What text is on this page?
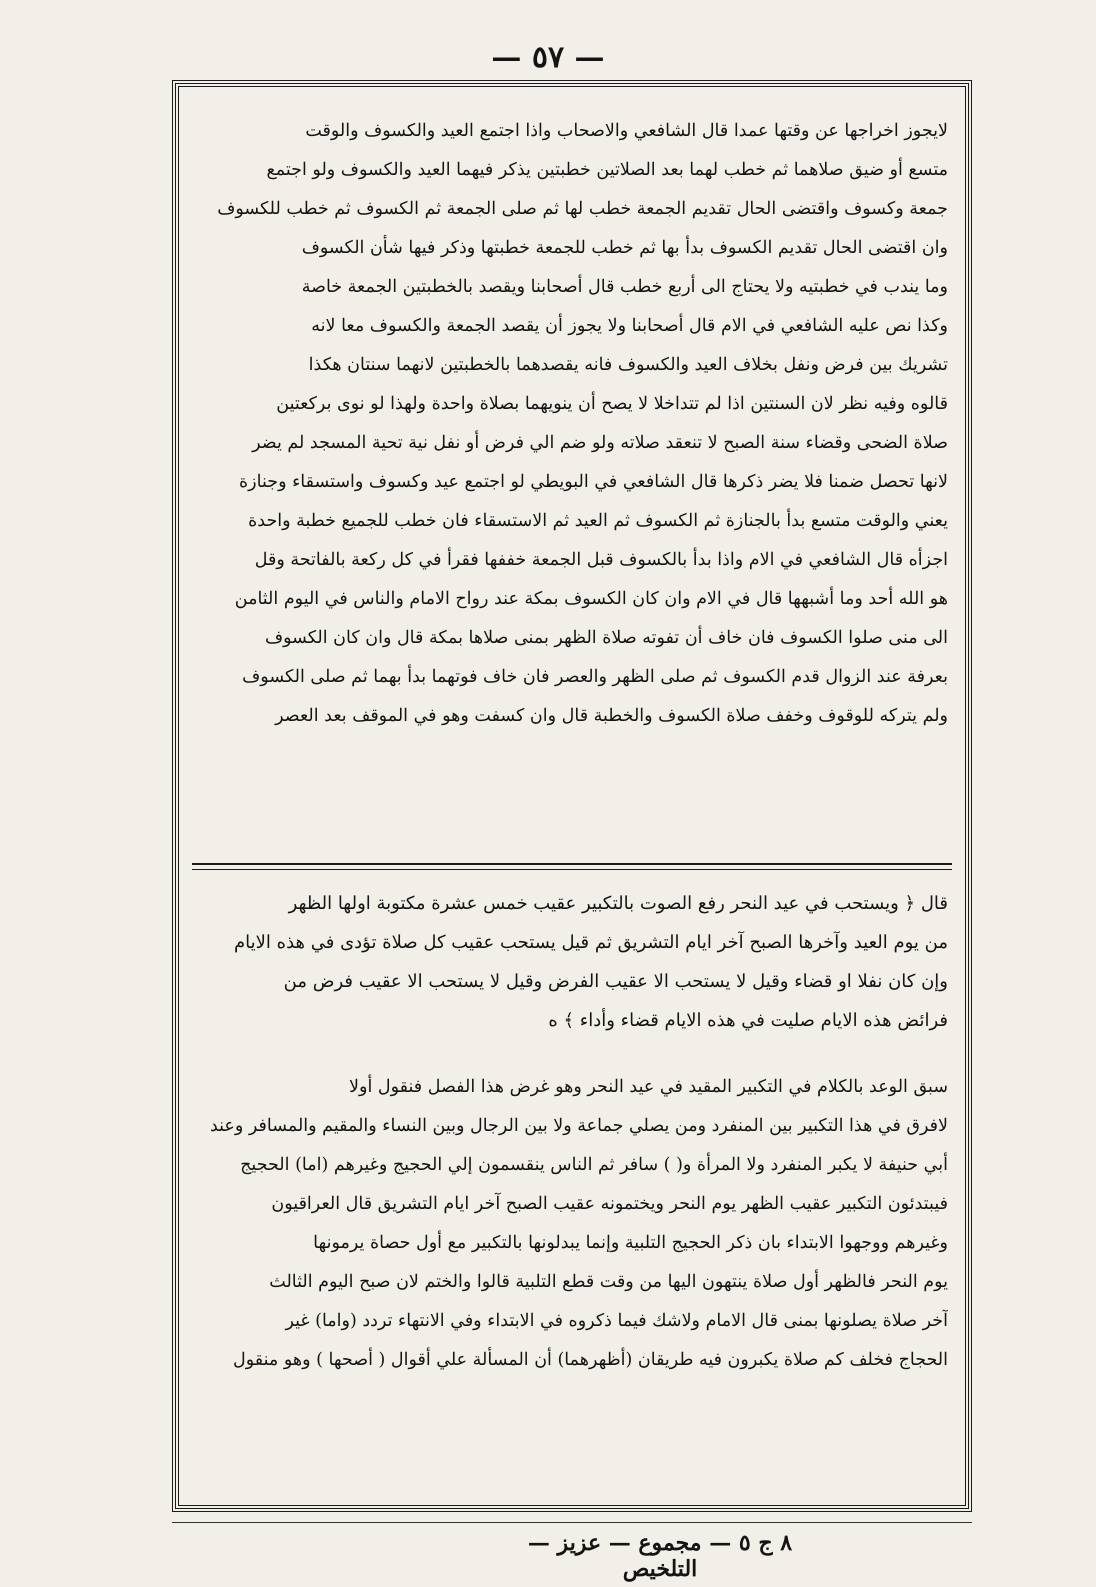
— ٥٧ —
لايجوز اخراجها عن وقتها عمدا قال الشافعي والاصحاب واذا اجتمع العيد والكسوف والوقت
متسع أو ضيق صلاهما ثم خطب لهما بعد الصلاتين خطبتين يذكر فيهما العيد والكسوف ولو اجتمع
جمعة وكسوف واقتضى الحال تقديم الجمعة خطب لها ثم صلى الجمعة ثم الكسوف ثم خطب للكسوف
وان اقتضى الحال تقديم الكسوف بدأ بها ثم خطب للجمعة خطبتها وذكر فيها شأن الكسوف
وما يندب في خطبتيه ولا يحتاج الى أربع خطب قال أصحابنا ويقصد بالخطبتين الجمعة خاصة
وكذا نص عليه الشافعي في الام قال أصحابنا ولا يجوز أن يقصد الجمعة والكسوف معا لانه
تشريك بين فرض ونفل بخلاف العيد والكسوف فانه يقصدهما بالخطبتين لانهما سنتان هكذا
قالوه وفيه نظر لان السنتين اذا لم تتداخلا لا يصح أن ينويهما بصلاة واحدة ولهذا لو نوى بركعتين
صلاة الضحى وقضاء سنة الصبح لا تنعقد صلاته ولو ضم الي فرض أو نفل نية تحية المسجد لم يضر
لانها تحصل ضمنا فلا يضر ذكرها قال الشافعي في البويطي لو اجتمع عيد وكسوف واستسقاء وجنازة
يعني والوقت متسع بدأ بالجنازة ثم الكسوف ثم العيد ثم الاستسقاء فان خطب للجميع خطبة واحدة
اجزأه قال الشافعي في الام واذا بدأ بالكسوف قبل الجمعة خففها فقرأ في كل ركعة بالفاتحة وقل
هو الله أحد وما أشبهها قال في الام وان كان الكسوف بمكة عند رواح الامام والناس في اليوم الثامن
الى منى صلوا الكسوف فان خاف أن تفوته صلاة الظهر بمنى صلاها بمكة قال وان كان الكسوف
بعرفة عند الزوال قدم الكسوف ثم صلى الظهر والعصر فان خاف فوتهما بدأ بهما ثم صلى الكسوف
ولم يتركه للوقوف وخفف صلاة الكسوف والخطبة قال وان كسفت وهو في الموقف بعد العصر
قال ﴿ ويستحب في عيد النحر رفع الصوت بالتكبير عقيب خمس عشرة مكتوبة اولها الظهر
من يوم العيد وآخرها الصبح آخر ايام التشريق ثم قيل يستحب عقيب كل صلاة تؤدى في هذه الايام
وإن كان نفلا او قضاء وقيل لا يستحب الا عقيب الفرض وقيل لا يستحب الا عقيب فرض من
فرائض هذه الايام صليت في هذه الايام قضاء وأداء ﴾ ه
سبق الوعد بالكلام في التكبير المقيد في عيد النحر وهو غرض هذا الفصل فنقول أولا
لافرق في هذا التكبير بين المنفرد ومن يصلي جماعة ولا بين الرجال وبين النساء والمقيم والمسافر وعند
أبي حنيفة لا يكبر المنفرد ولا المرأة و( ) سافر ثم الناس ينقسمون إلي الحجيج وغيرهم (اما) الحجيج
فيبتدئون التكبير عقيب الظهر يوم النحر ويختمونه عقيب الصبح آخر ايام التشريق قال العراقيون
وغيرهم ووجهوا الابتداء بان ذكر الحجيج التلبية وإنما يبدلونها بالتكبير مع أول حصاة يرمونها
يوم النحر فالظهر أول صلاة ينتهون اليها من وقت قطع التلبية قالوا والختم لان صبح اليوم الثالث
آخر صلاة يصلونها بمنى قال الامام ولاشك فيما ذكروه في الابتداء وفي الانتهاء تردد (واما) غير
الحجاج فخلف كم صلاة يكبرون فيه طريقان (أظهرهما) أن المسألة علي أقوال ( أصحها ) وهو منقول
٨ ج ٥ — مجموع — عزيز — التلخيص
